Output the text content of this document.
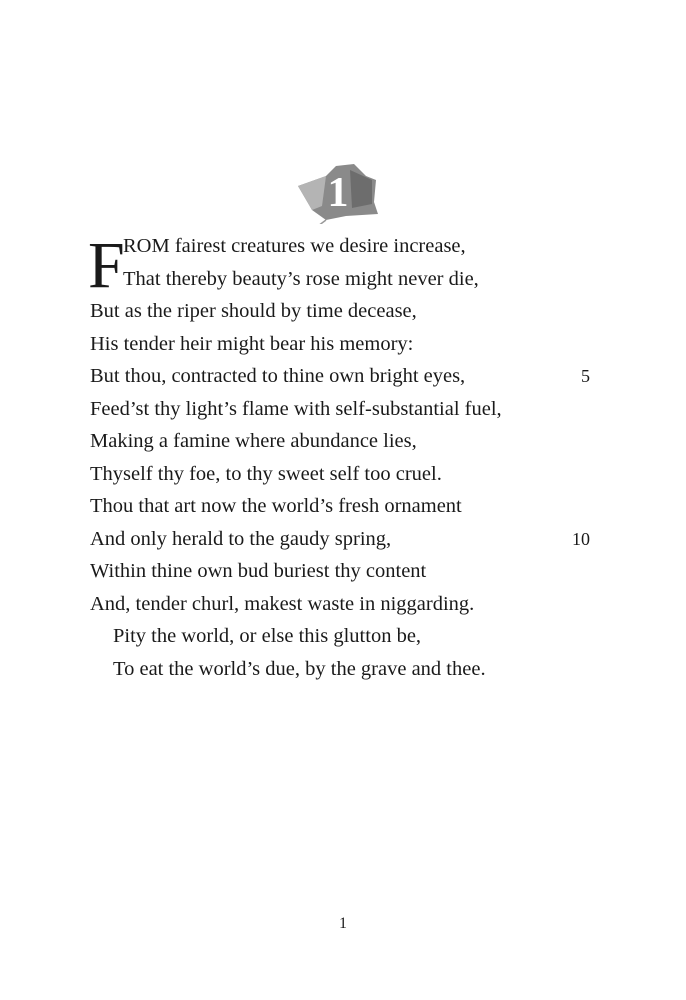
1
F
ROM fairest creatures we desire increase,
That thereby beauty’s rose might never die,
But as the riper should by time decease,
His tender heir might bear his memory:
But thou, contracted to thine own bright eyes,	5
Feed’st thy light’s flame with self-substantial fuel,
Making a famine where abundance lies,
Thyself thy foe, to thy sweet self too cruel.
Thou that art now the world’s fresh ornament
And only herald to the gaudy spring,	10
Within thine own bud buriest thy content
And, tender churl, makest waste in niggarding.
Pity the world, or else this glutton be,
To eat the world’s due, by the grave and thee.
1
